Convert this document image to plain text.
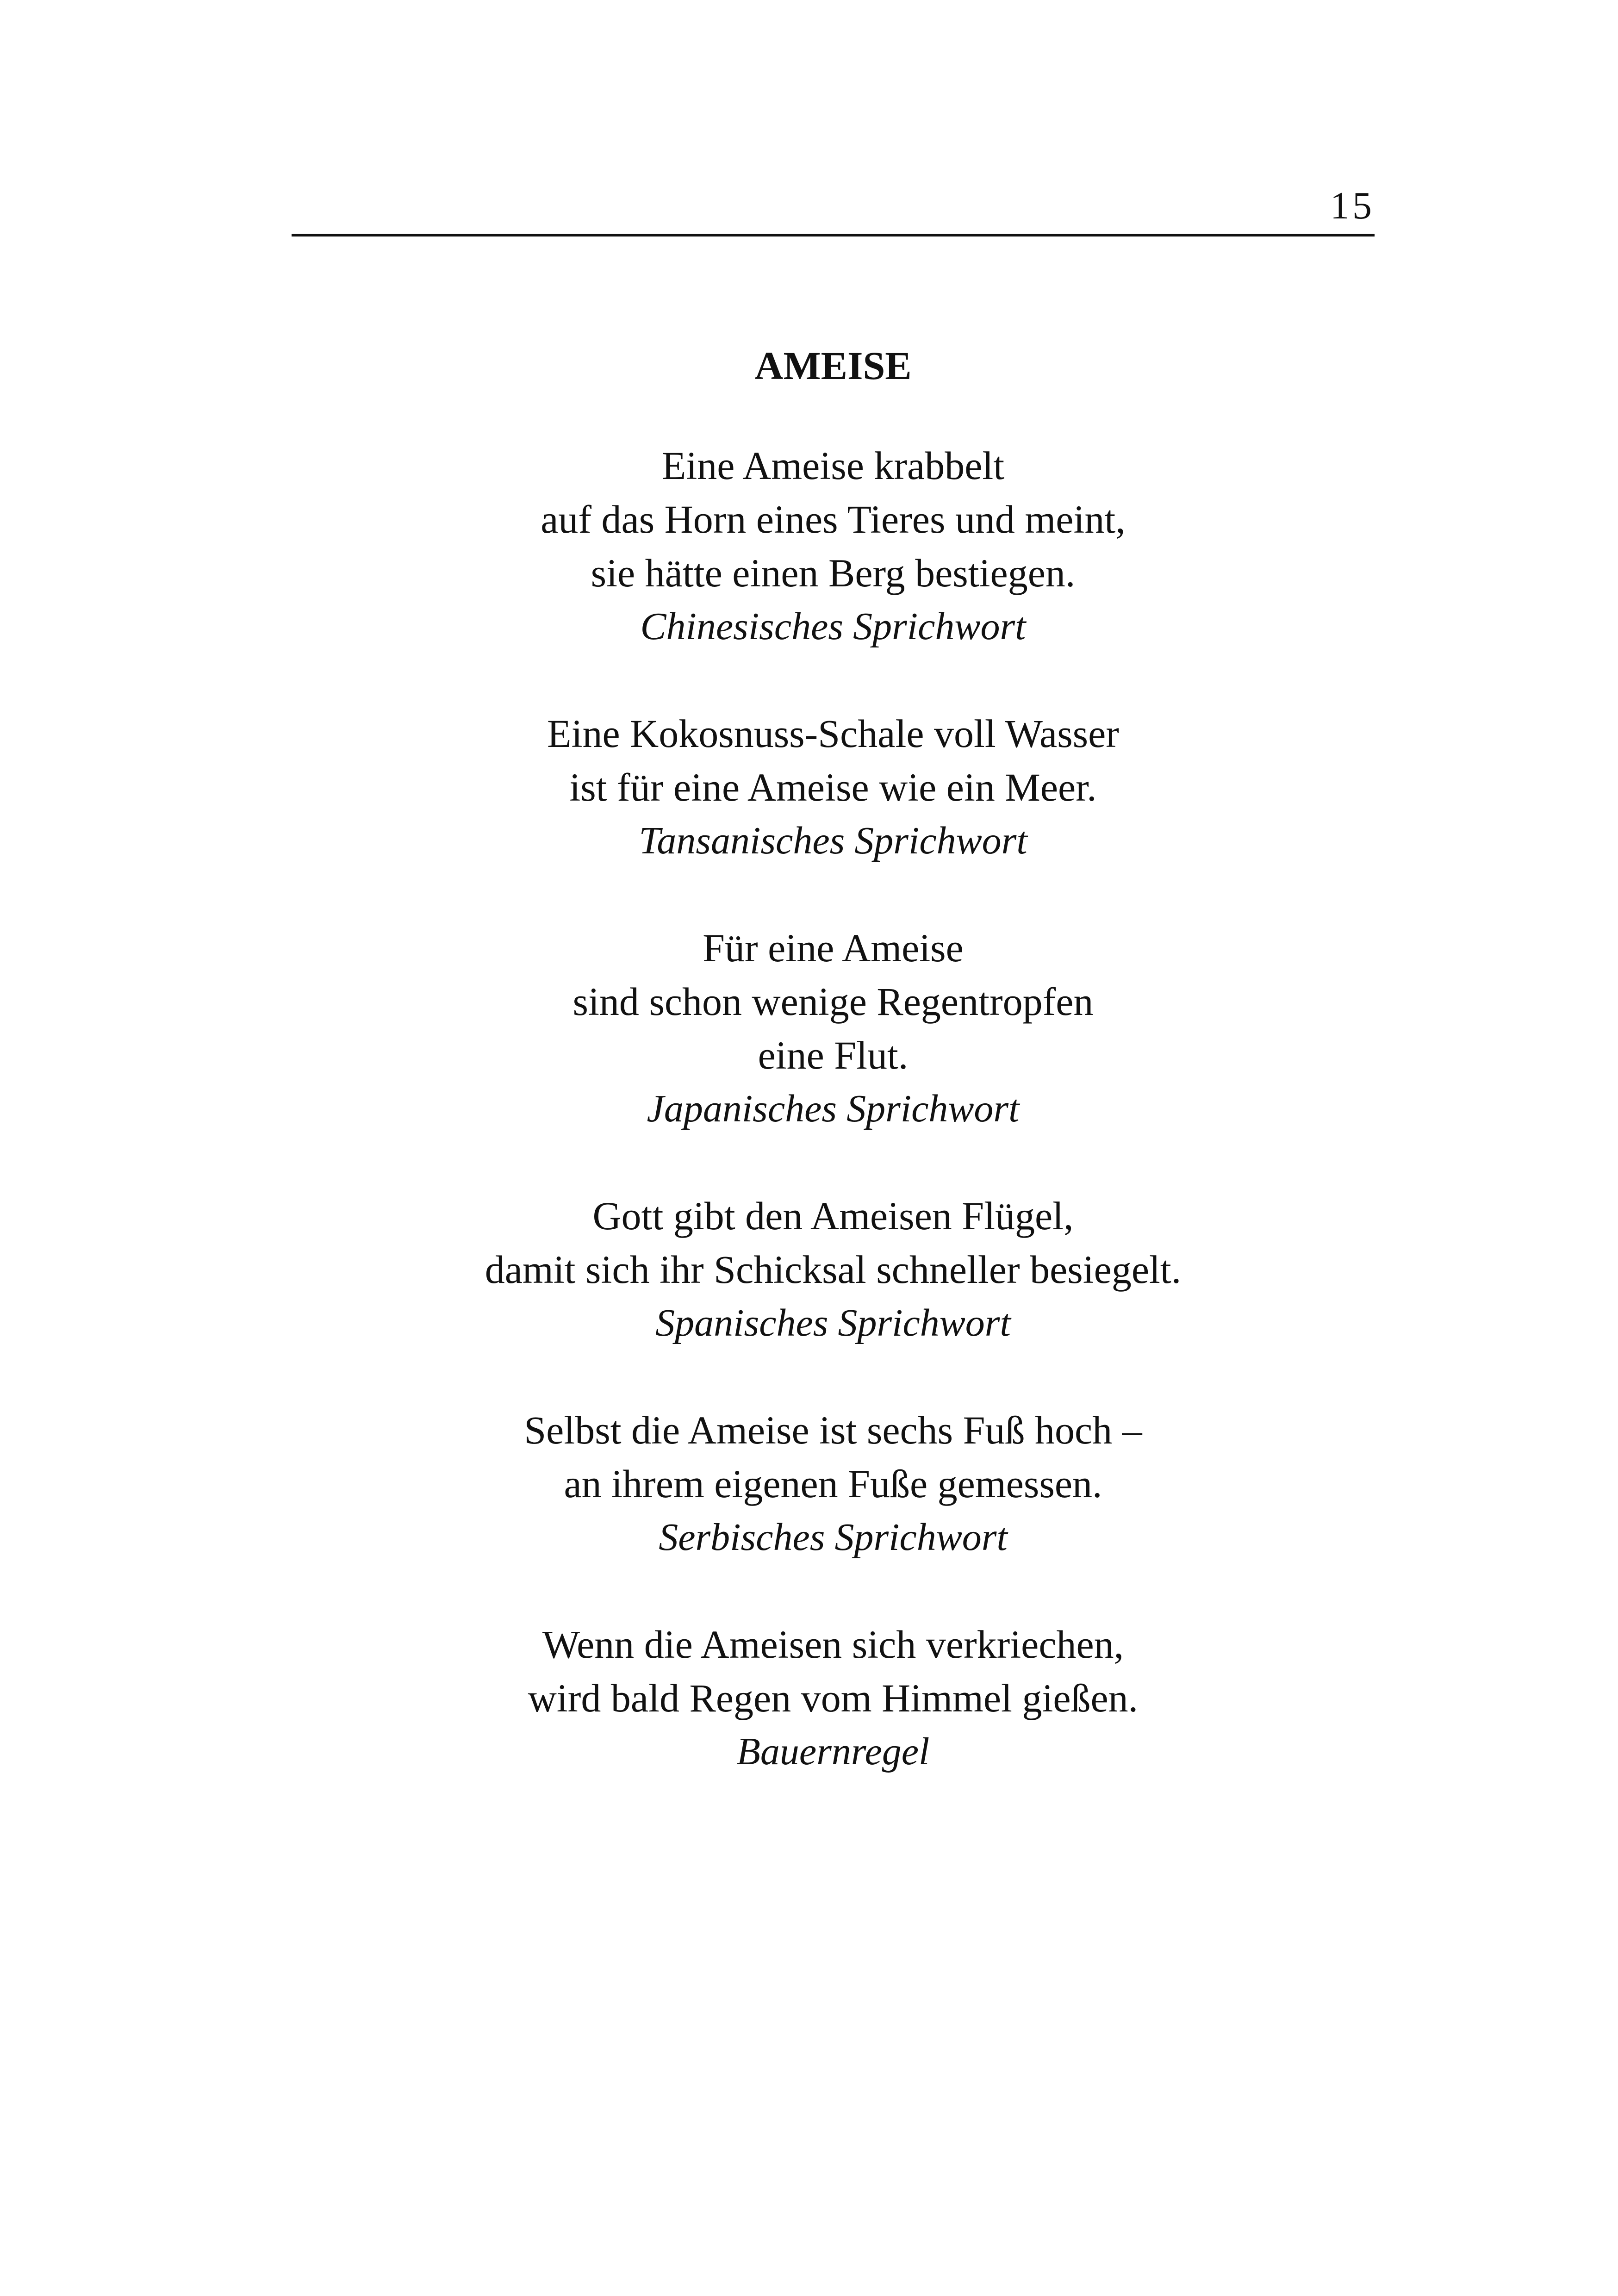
15
AMEISE
Eine Ameise krabbelt
auf das Horn eines Tieres und meint,
sie hätte einen Berg bestiegen.
Chinesisches Sprichwort
Eine Kokosnuss-Schale voll Wasser
ist für eine Ameise wie ein Meer.
Tansanisches Sprichwort
Für eine Ameise
sind schon wenige Regentropfen
eine Flut.
Japanisches Sprichwort
Gott gibt den Ameisen Flügel,
damit sich ihr Schicksal schneller besiegelt.
Spanisches Sprichwort
Selbst die Ameise ist sechs Fuß hoch –
an ihrem eigenen Fuße gemessen.
Serbisches Sprichwort
Wenn die Ameisen sich verkriechen,
wird bald Regen vom Himmel gießen.
Bauernregel
